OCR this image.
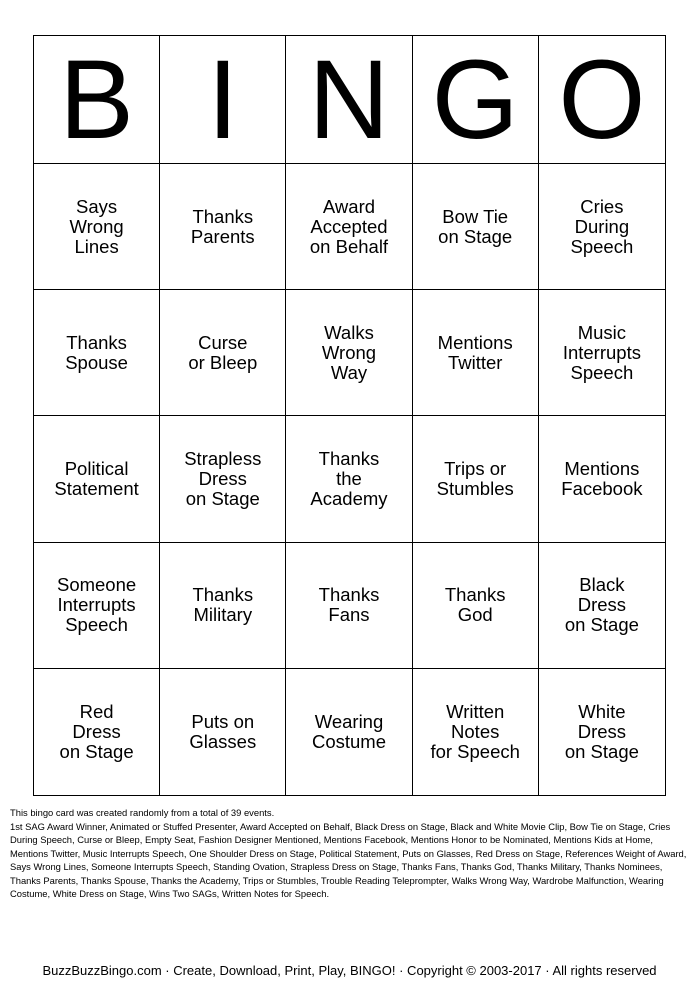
B I N G O
Says
Wrong
Lines
Thanks
Parents
Award
Accepted
on Behalf
Bow Tie
on Stage
Cries
During
Speech
Thanks
Spouse
Curse
or Bleep
Walks
Wrong
Way
Mentions
Twitter
Music
Interrupts
Speech
Political
Statement
Strapless
Dress
on Stage
Thanks
the
Academy
Trips or
Stumbles
Mentions
Facebook
Someone
Interrupts
Speech
Thanks
Military
Thanks
Fans
Thanks
God
Black
Dress
on Stage
Red
Dress
on Stage
Puts on
Glasses
Wearing
Costume
Written
Notes
for Speech
White
Dress
on Stage

This bingo card was created randomly from a total of 39 events.

1st SAG Award Winner, Animated or Stuffed Presenter, Award Accepted on Behalf, Black Dress on Stage, Black and White Movie Clip, Bow Tie on Stage, Cries During Speech, Curse or Bleep, Empty Seat, Fashion Designer Mentioned, Mentions Facebook, Mentions Honor to be Nominated, Mentions Kids at Home, Mentions Twitter, Music Interrupts Speech, One Shoulder Dress on Stage, Political Statement, Puts on Glasses, Red Dress on Stage, References Weight of Award, Says Wrong Lines, Someone Interrupts Speech, Standing Ovation, Strapless Dress on Stage, Thanks Fans, Thanks God, Thanks Military, Thanks Nominees, Thanks Parents, Thanks Spouse, Thanks the Academy, Trips or Stumbles, Trouble Reading Teleprompter, Walks Wrong Way, Wardrobe Malfunction, Wearing Costume, White Dress on Stage, Wins Two SAGs, Written Notes for Speech.

BuzzBuzzBingo.com · Create, Download, Print, Play, BINGO! · Copyright © 2003-2017 · All rights reserved
